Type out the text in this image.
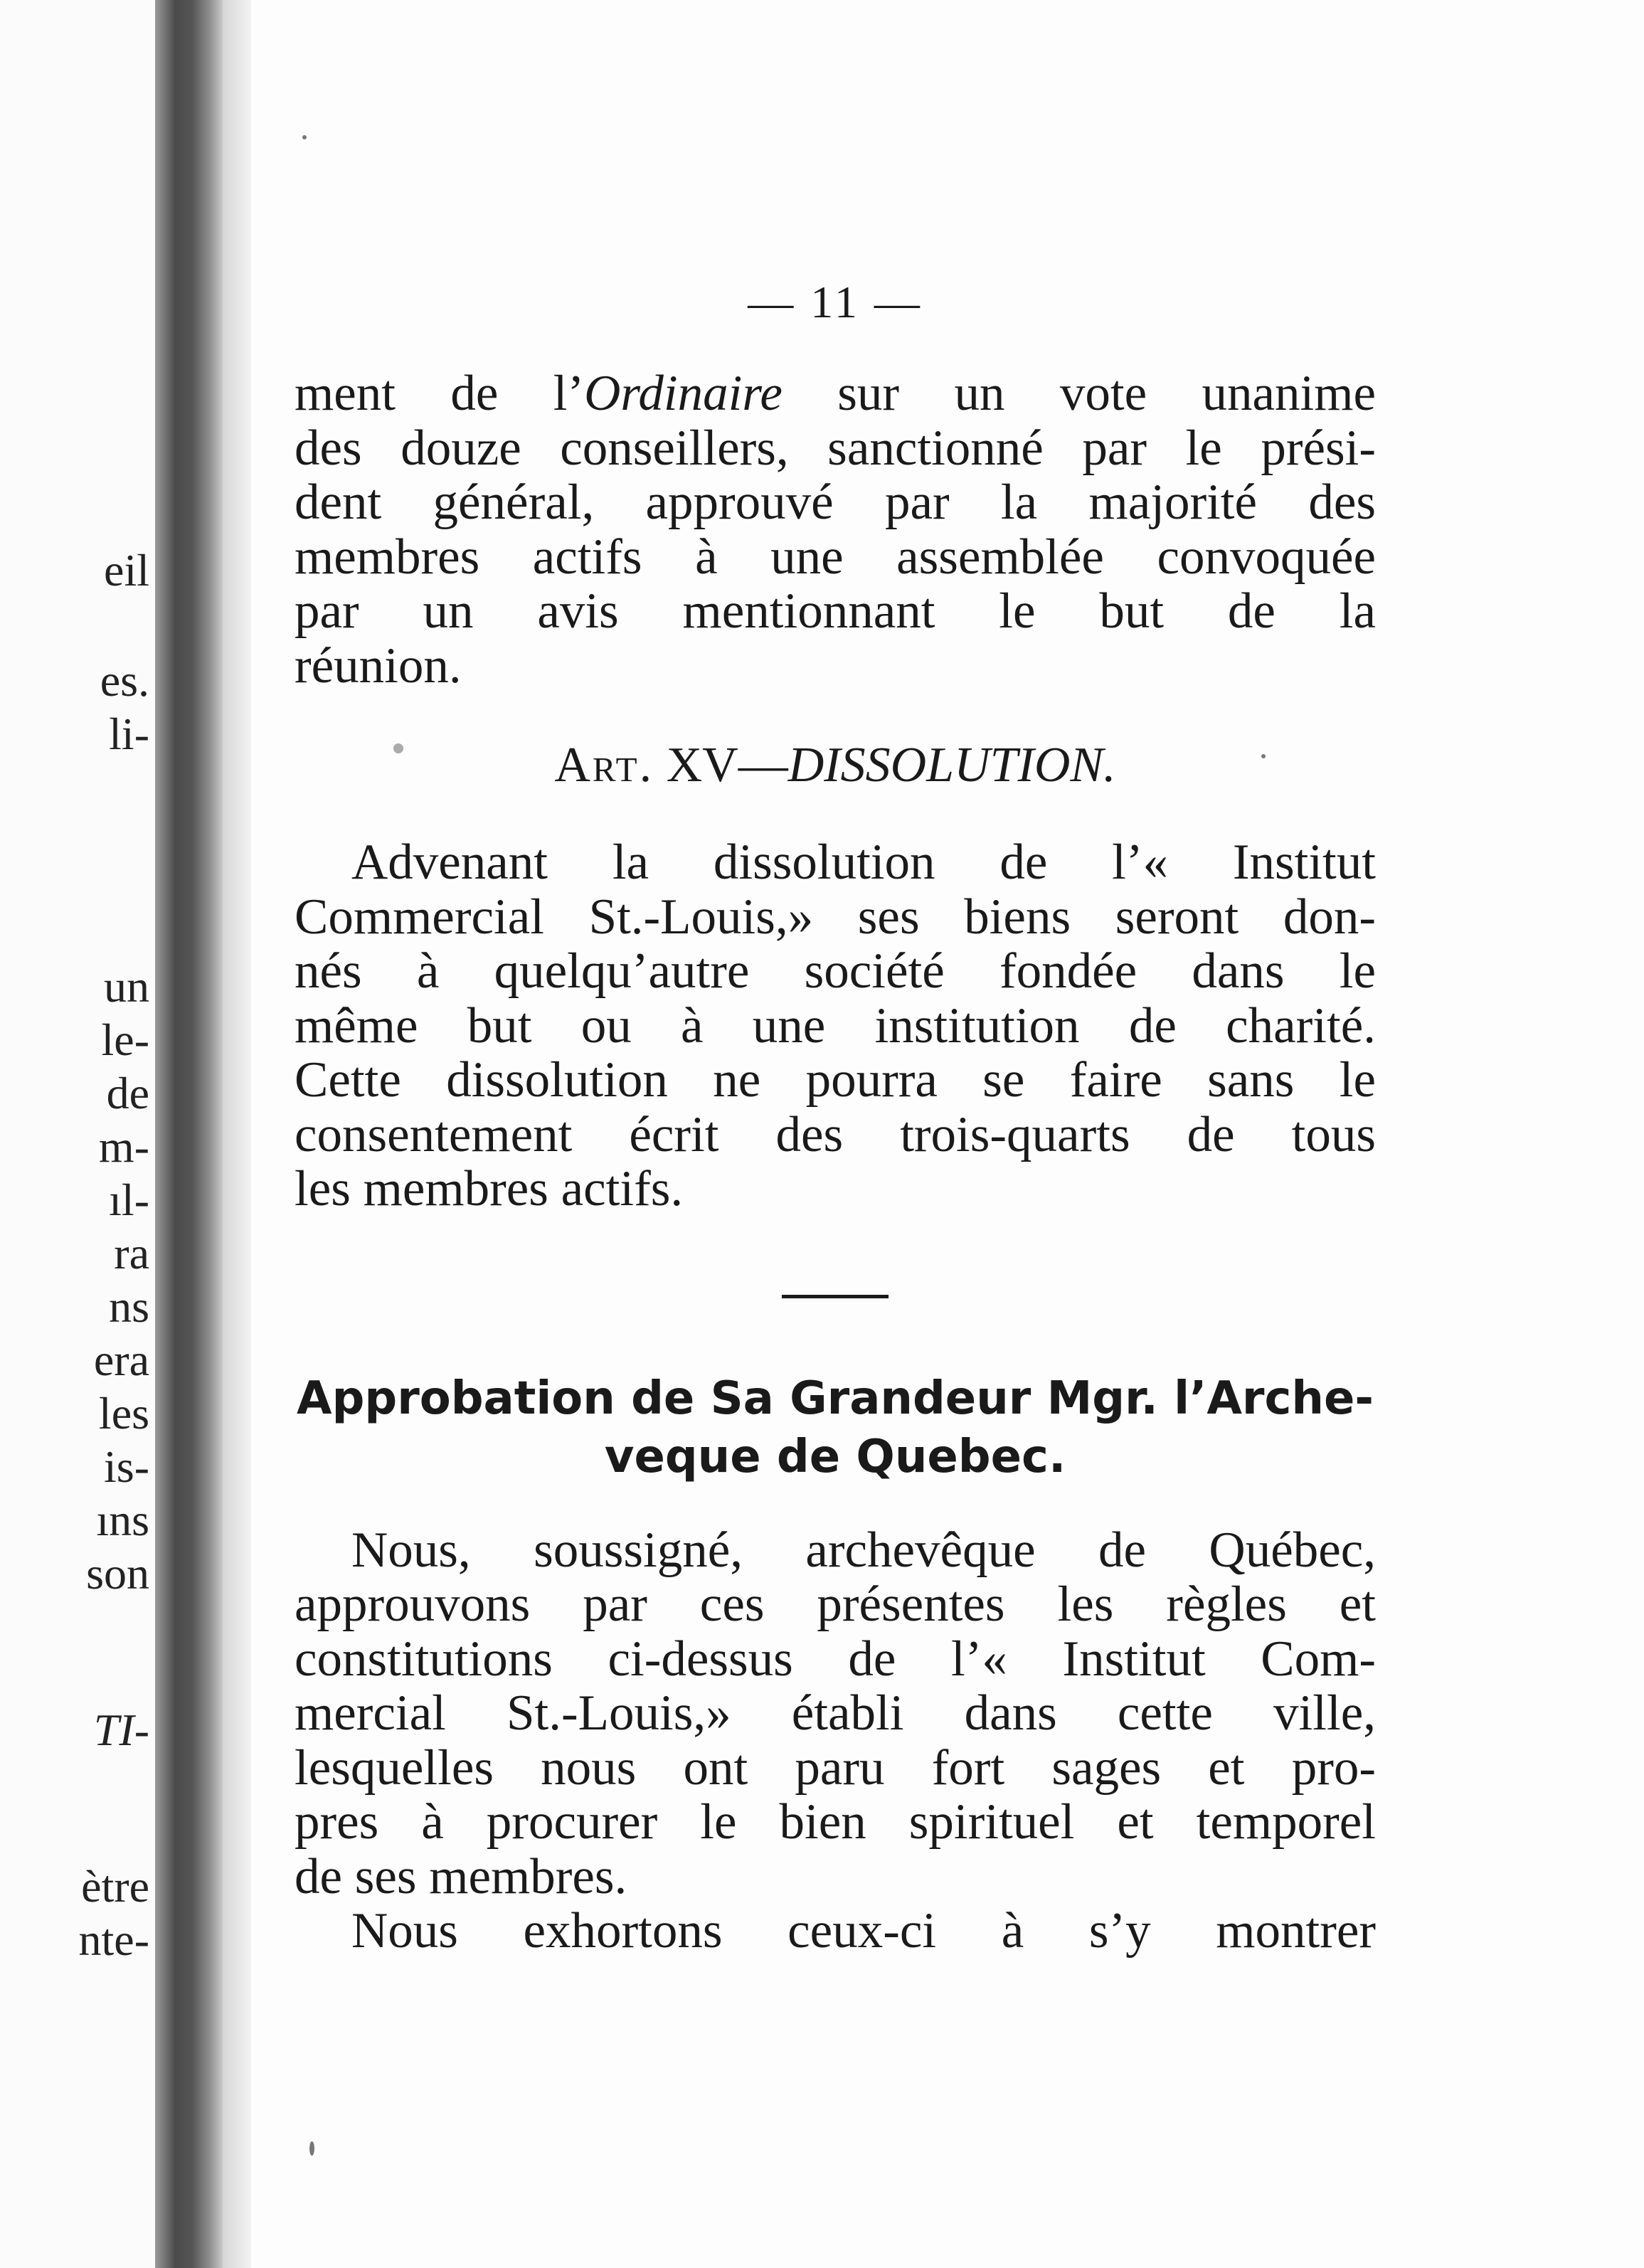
eil
es.
li-
un
le-
de
m-
ıl-
ra
ns
era
les
is-
ıns
son
TI-
ètre
nte-
— 11 —
ment de l’Ordinaire sur un vote unanime
des douze conseillers, sanctionné par le prési-
dent général, approuvé par la majorité des
membres actifs à une assemblée convoquée
par un avis mentionnant le but de la
réunion.
Art. XV—DISSOLUTION.
Advenant la dissolution de l’« Institut
Commercial St.-Louis,» ses biens seront don-
nés à quelqu’autre société fondée dans le
même but ou à une institution de charité.
Cette dissolution ne pourra se faire sans le
consentement écrit des trois-quarts de tous
les membres actifs.
Approbation de Sa Grandeur Mgr. l’Arche-
veque de Quebec.
Nous, soussigné, archevêque de Québec,
approuvons par ces présentes les règles et
constitutions ci-dessus de l’« Institut Com-
mercial St.-Louis,» établi dans cette ville,
lesquelles nous ont paru fort sages et pro-
pres à procurer le bien spirituel et temporel
de ses membres.
Nous exhortons ceux-ci à s’y montrer
